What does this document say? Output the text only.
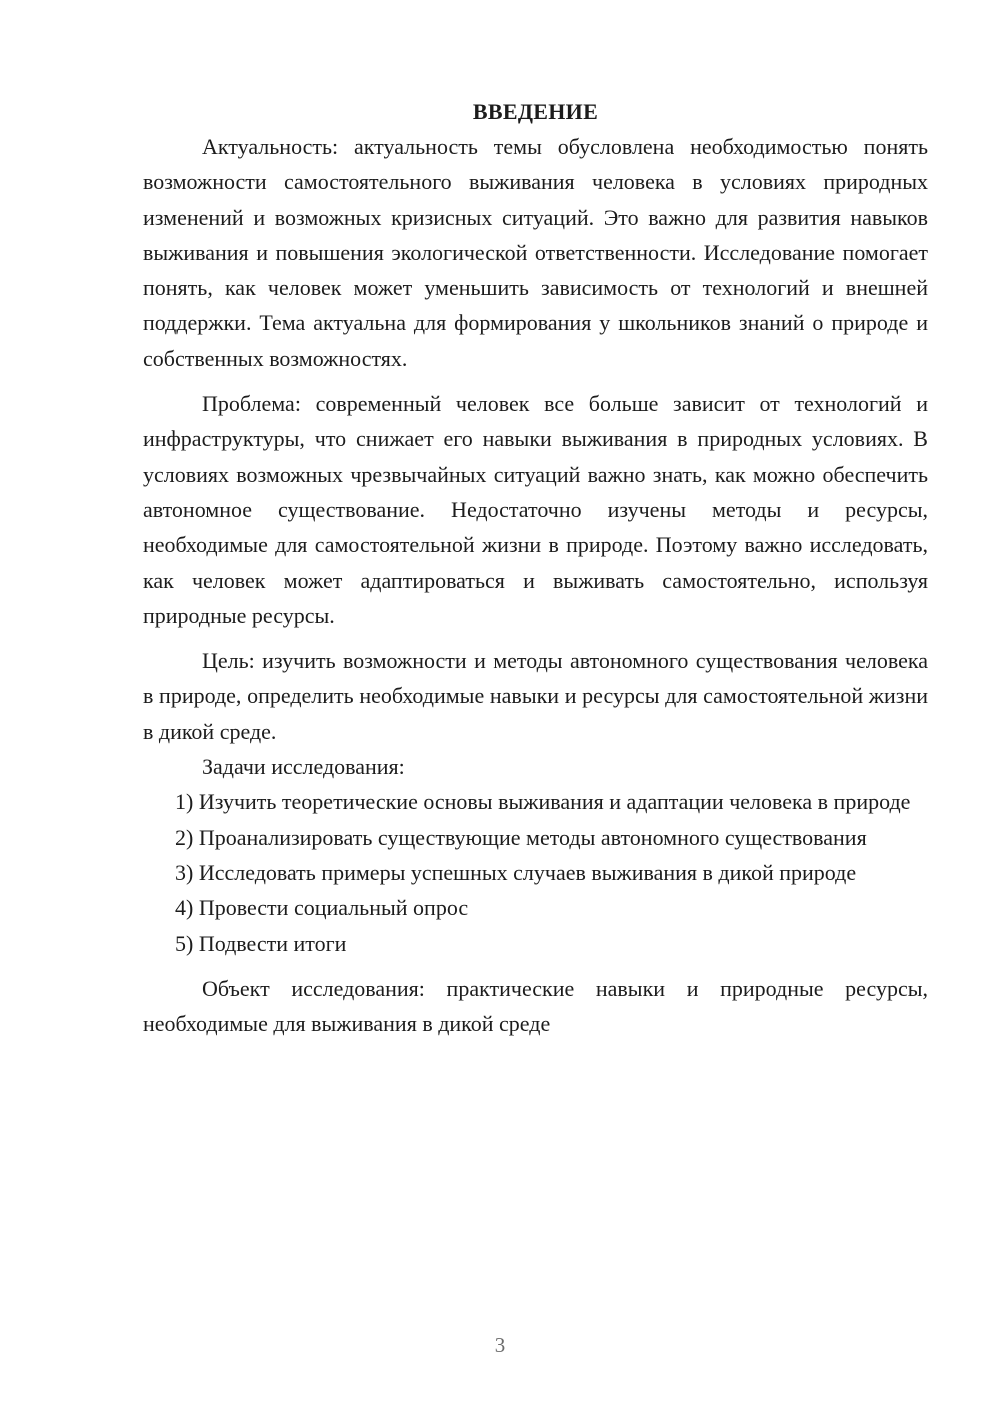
ВВЕДЕНИЕ

Актуальность: актуальность темы обусловлена необходимостью понять возможности самостоятельного выживания человека в условиях природных изменений и возможных кризисных ситуаций. Это важно для развития навыков выживания и повышения экологической ответственности. Исследование помогает понять, как человек может уменьшить зависимость от технологий и внешней поддержки. Тема актуальна для формирования у школьников знаний о природе и собственных возможностях.

Проблема: современный человек все больше зависит от технологий и инфраструктуры, что снижает его навыки выживания в природных условиях. В условиях возможных чрезвычайных ситуаций важно знать, как можно обеспечить автономное существование. Недостаточно изучены методы и ресурсы, необходимые для самостоятельной жизни в природе. Поэтому важно исследовать, как человек может адаптироваться и выживать самостоятельно, используя природные ресурсы.

Цель: изучить возможности и методы автономного существования человека в природе, определить необходимые навыки и ресурсы для самостоятельной жизни в дикой среде.

Задачи исследования:

1) Изучить теоретические основы выживания и адаптации человека в природе

2) Проанализировать существующие методы автономного существования

3) Исследовать примеры успешных случаев выживания в дикой природе

4) Провести социальный опрос

5) Подвести итоги

Объект исследования: практические навыки и природные ресурсы, необходимые для выживания в дикой среде

3
